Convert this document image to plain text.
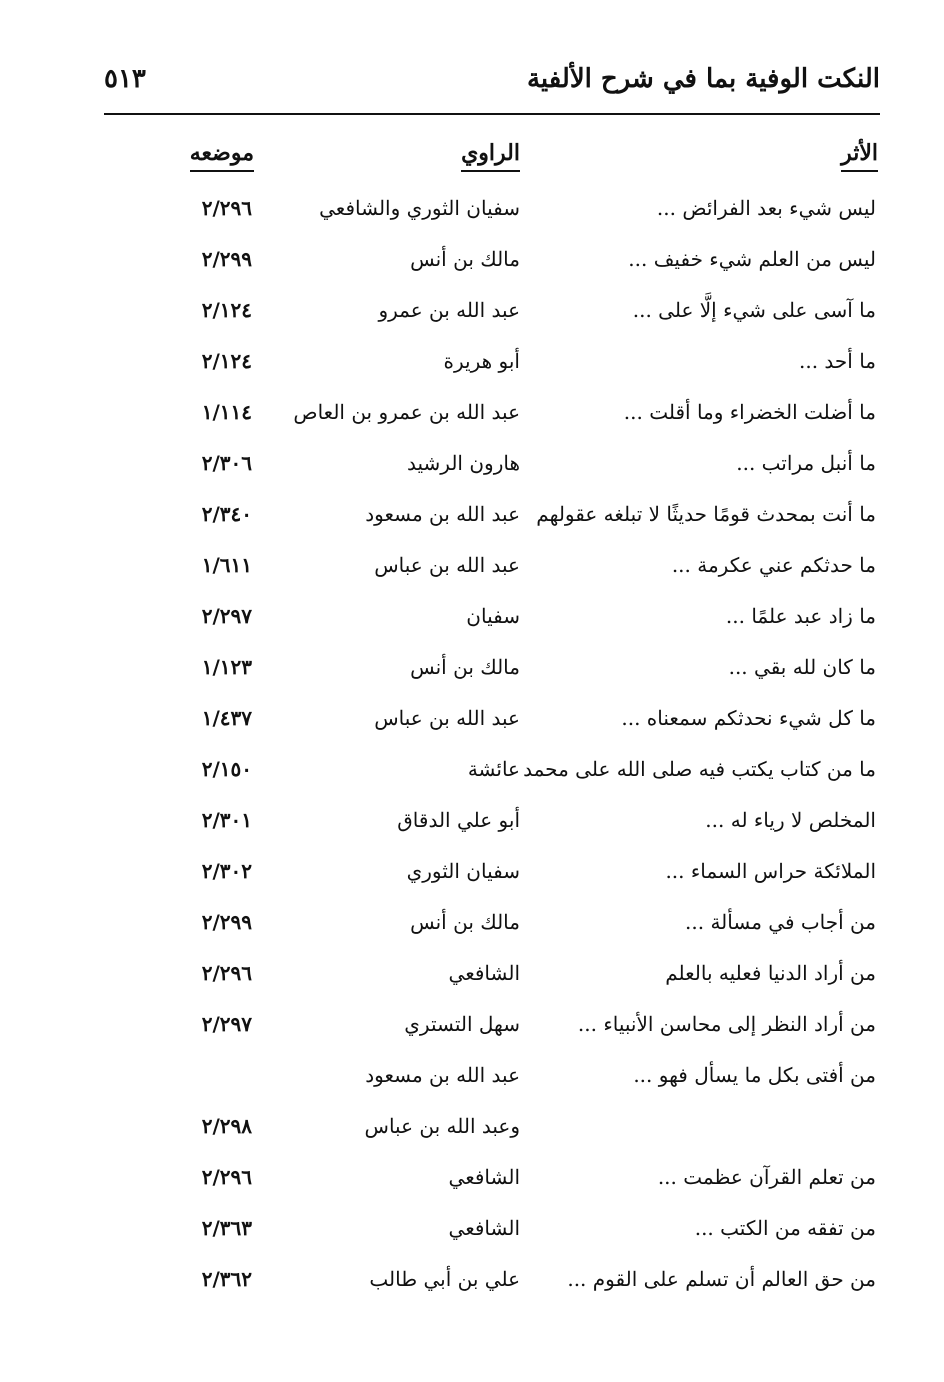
النكت الوفية بما في شرح الألفية
٥١٣
الأثر
الراوي
موضعه
ليس شيء بعد الفرائض ...
سفيان الثوري والشافعي
٢/٢٩٦
ليس من العلم شيء خفيف ...
مالك بن أنس
٢/٢٩٩
ما آسى على شيء إلَّا على ...
عبد الله بن عمرو
٢/١٢٤
ما أحد ...
أبو هريرة
٢/١٢٤
ما أضلت الخضراء وما أقلت ...
عبد الله بن عمرو بن العاص
١/١١٤
ما أنبل مراتب ...
هارون الرشيد
٢/٣٠٦
ما أنت بمحدث قومًا حديثًا لا تبلغه عقولهم
عبد الله بن مسعود
٢/٣٤٠
ما حدثكم عني عكرمة ...
عبد الله بن عباس
١/٦١١
ما زاد عبد علمًا ...
سفيان
٢/٢٩٧
ما كان لله بقي ...
مالك بن أنس
١/١٢٣
ما كل شيء نحدثكم سمعناه ...
عبد الله بن عباس
١/٤٣٧
ما من كتاب يكتب فيه صلى الله على محمد
عائشة
٢/١٥٠
المخلص لا رياء له ...
أبو علي الدقاق
٢/٣٠١
الملائكة حراس السماء ...
سفيان الثوري
٢/٣٠٢
من أجاب في مسألة ...
مالك بن أنس
٢/٢٩٩
من أراد الدنيا فعليه بالعلم
الشافعي
٢/٢٩٦
من أراد النظر إلى محاسن الأنبياء ...
سهل التستري
٢/٢٩٧
من أفتى بكل ما يسأل فهو ...
عبد الله بن مسعود
وعبد الله بن عباس
٢/٢٩٨
من تعلم القرآن عظمت ...
الشافعي
٢/٢٩٦
من تفقه من الكتب ...
الشافعي
٢/٣٦٣
من حق العالم أن تسلم على القوم ...
علي بن أبي طالب
٢/٣٦٢
